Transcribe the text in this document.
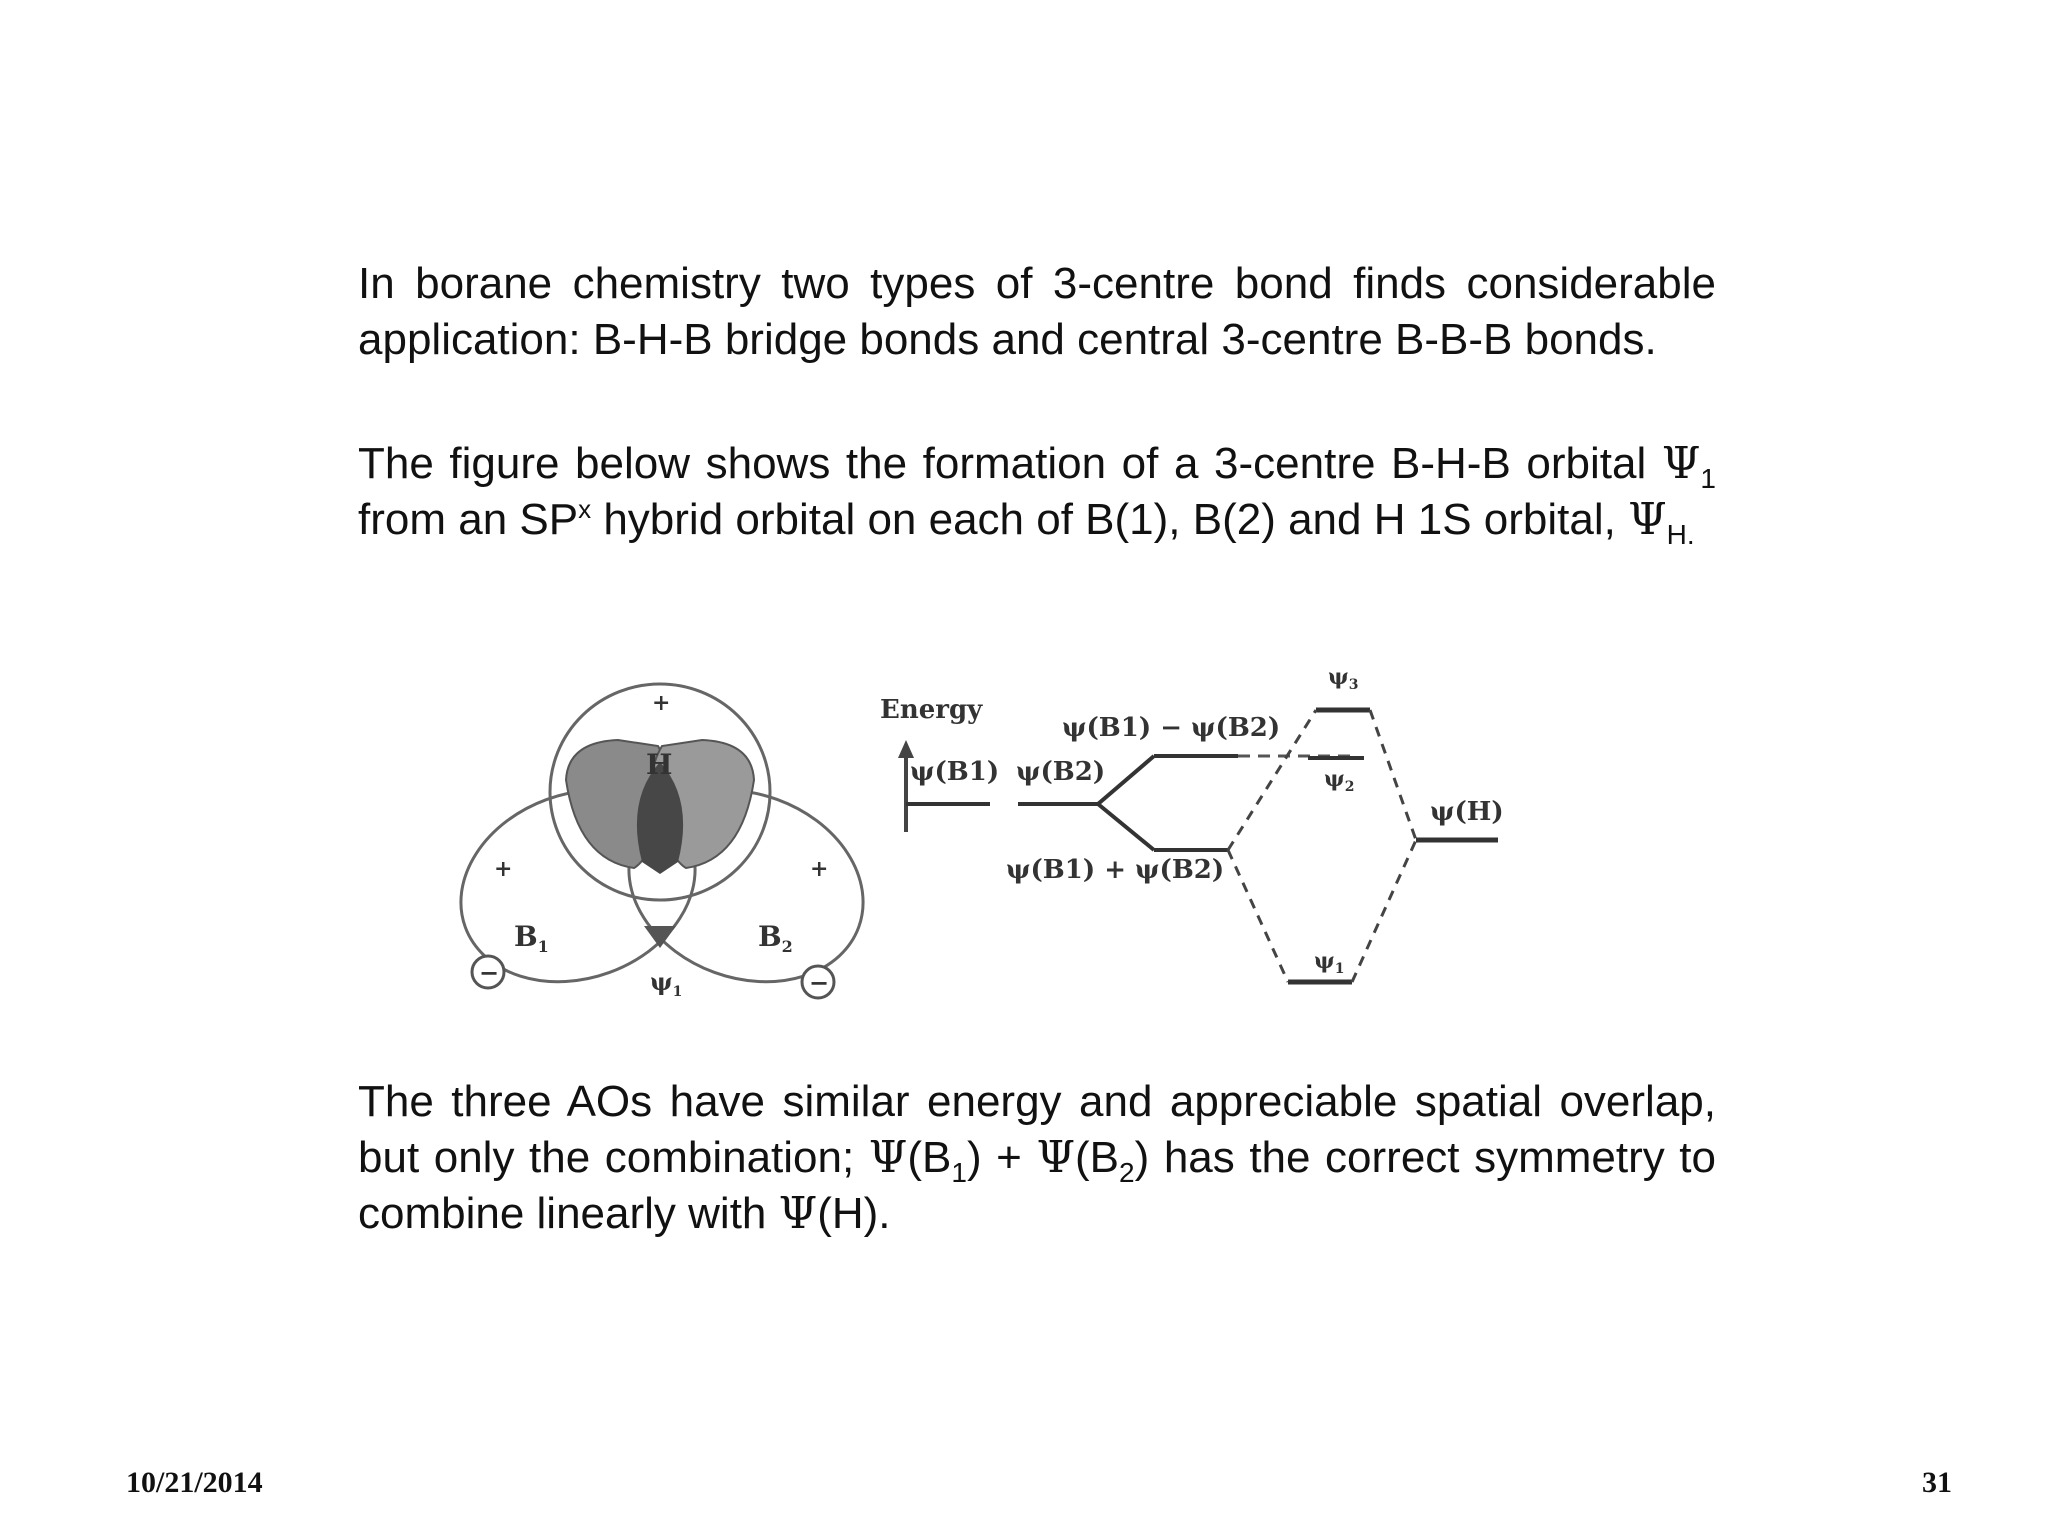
In borane chemistry two types of 3-centre bond finds considerable application: B-H-B bridge bonds and central 3-centre B-B-B bonds.

The figure below shows the formation of a 3-centre B-H-B orbital $\Psi_1$ from an $SP^x$ hybrid orbital on each of B(1), B(2) and H 1S orbital, $\Psi_{H.}$

+
+	+
H
$B_1$	$B_2$
$\psi_1$
−	−
Energy
ψ(B1) ψ(B2)
ψ(B1) − ψ(B2)
$\psi_2$
ψ(B1) + ψ(B2)
$\psi_3$
$\psi_1$
ψ(H)

The three AOs have similar energy and appreciable spatial overlap, but only the combination; $\Psi(B_1) + \Psi(B_2)$ has the correct symmetry to combine linearly with Ψ(H).

10/21/2014	31
